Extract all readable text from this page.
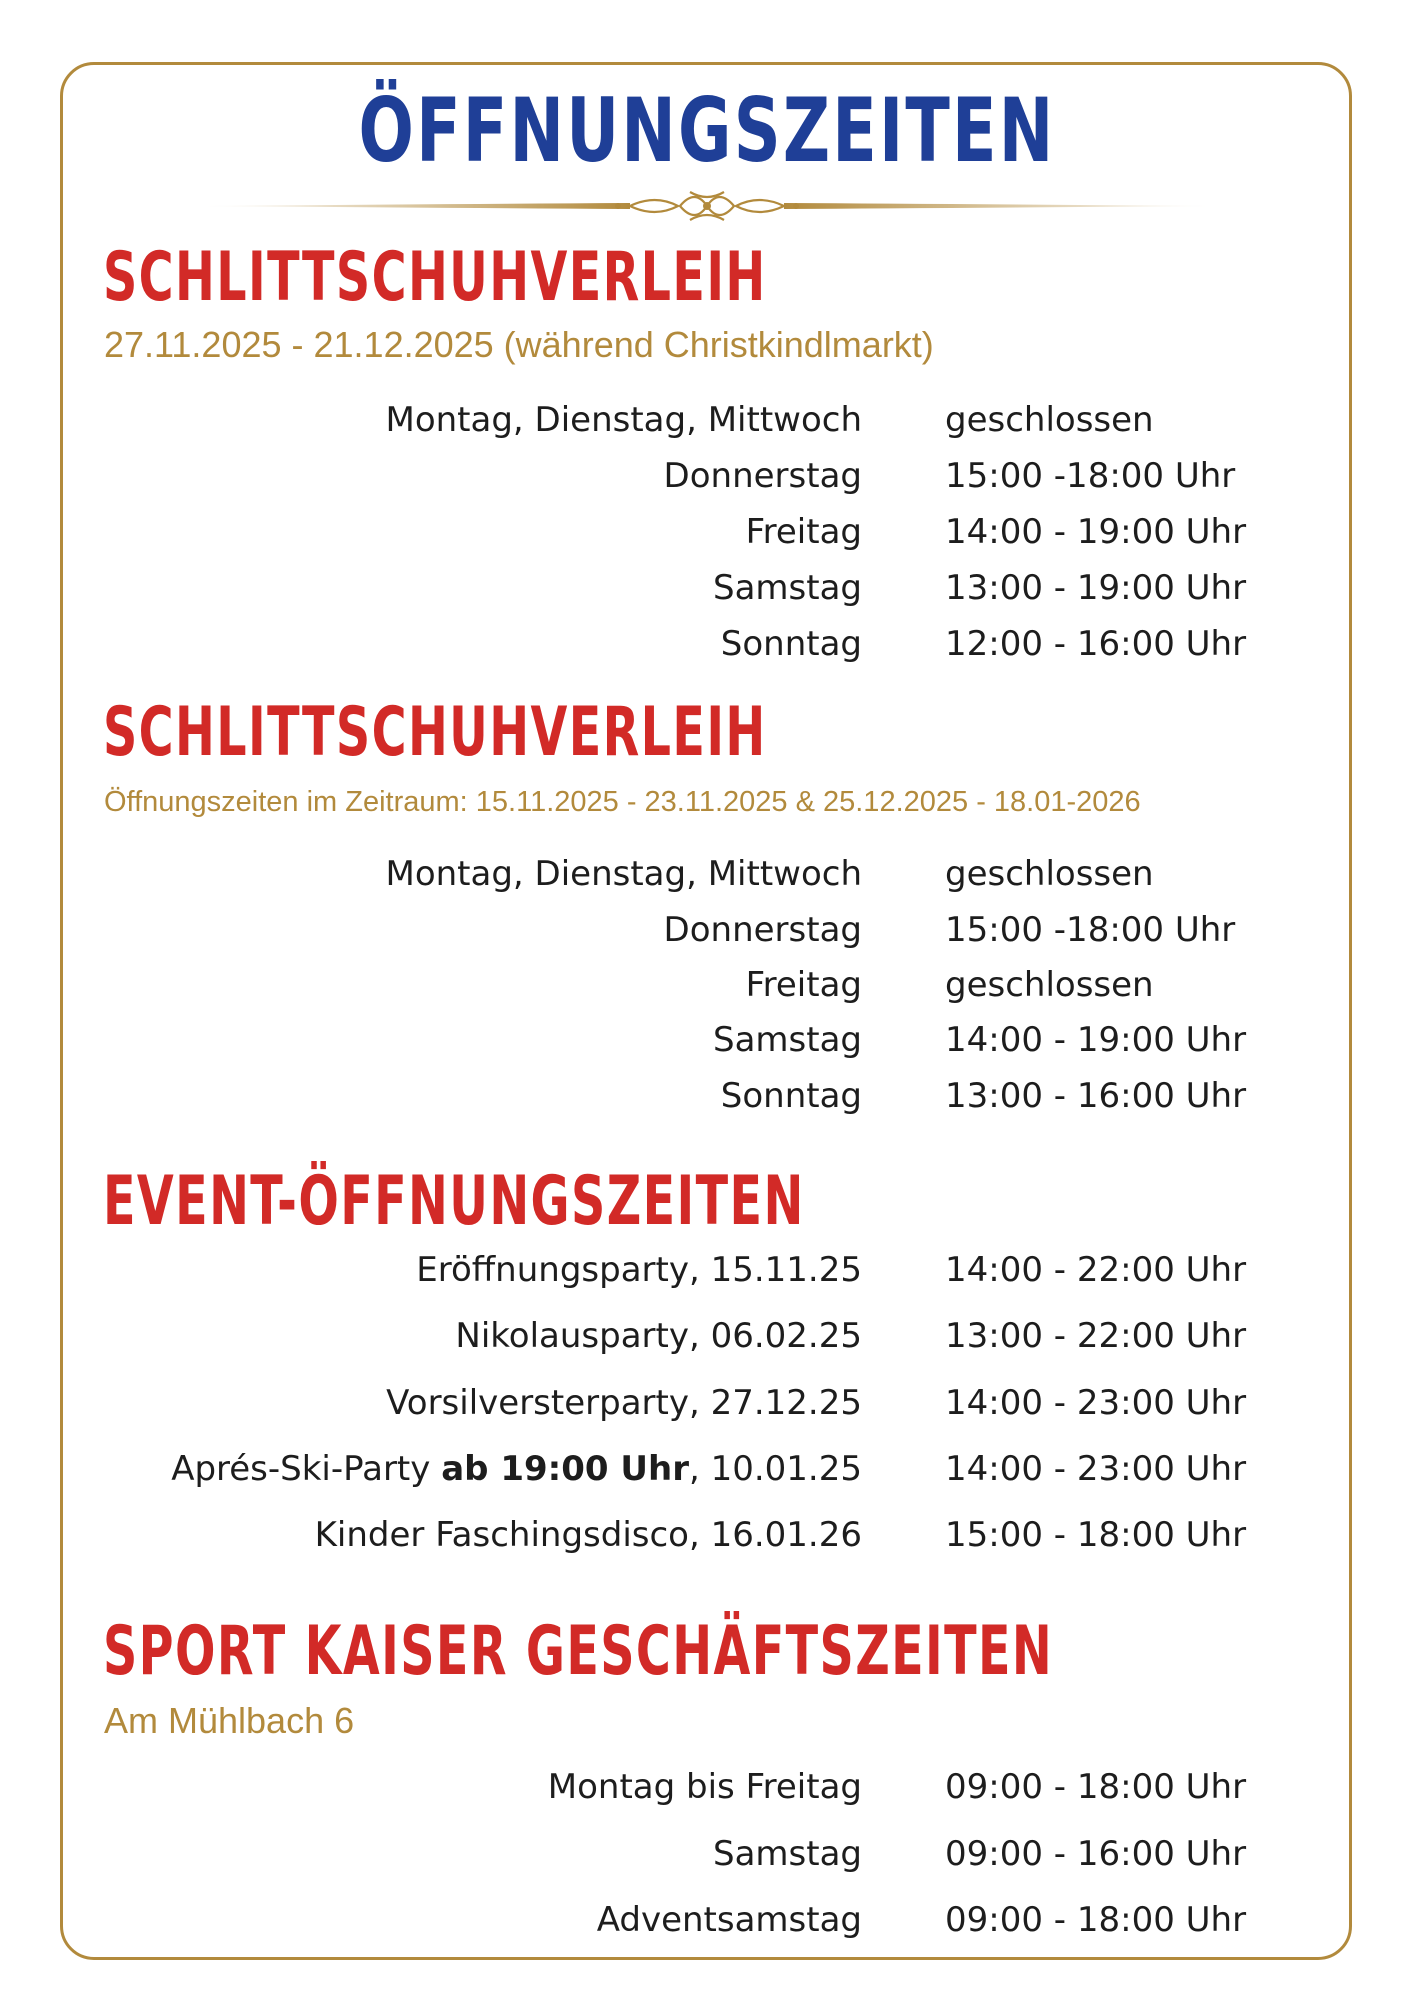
ÖFFNUNGSZEITEN
SCHLITTSCHUHVERLEIH

27.11.2025 - 21.12.2025 (während Christkindlmarkt)

Montag, Dienstag, Mittwoch geschlossen
Donnerstag 15:00 -18:00 Uhr
Freitag 14:00 - 19:00 Uhr
Samstag 13:00 - 19:00 Uhr
Sonntag 12:00 - 16:00 Uhr
SCHLITTSCHUHVERLEIH

Öffnungszeiten im Zeitraum: 15.11.2025 - 23.11.2025 & 25.12.2025 - 18.01-2026

Montag, Dienstag, Mittwoch geschlossen
Donnerstag 15:00 -18:00 Uhr
Freitag geschlossen
Samstag 14:00 - 19:00 Uhr
Sonntag 13:00 - 16:00 Uhr
EVENT-ÖFFNUNGSZEITEN
Eröffnungsparty, 15.11.25 14:00 - 22:00 Uhr
Nikolausparty, 06.02.25 13:00 - 22:00 Uhr
Vorsilversterparty, 27.12.25 14:00 - 23:00 Uhr
Aprés-Ski-Party ab 19:00 Uhr, 10.01.25 14:00 - 23:00 Uhr
Kinder Faschingsdisco, 16.01.26 15:00 - 18:00 Uhr
SPORT KAISER GESCHÄFTSZEITEN

Am Mühlbach 6

Montag bis Freitag 09:00 - 18:00 Uhr
Samstag 09:00 - 16:00 Uhr
Adventsamstag 09:00 - 18:00 Uhr
